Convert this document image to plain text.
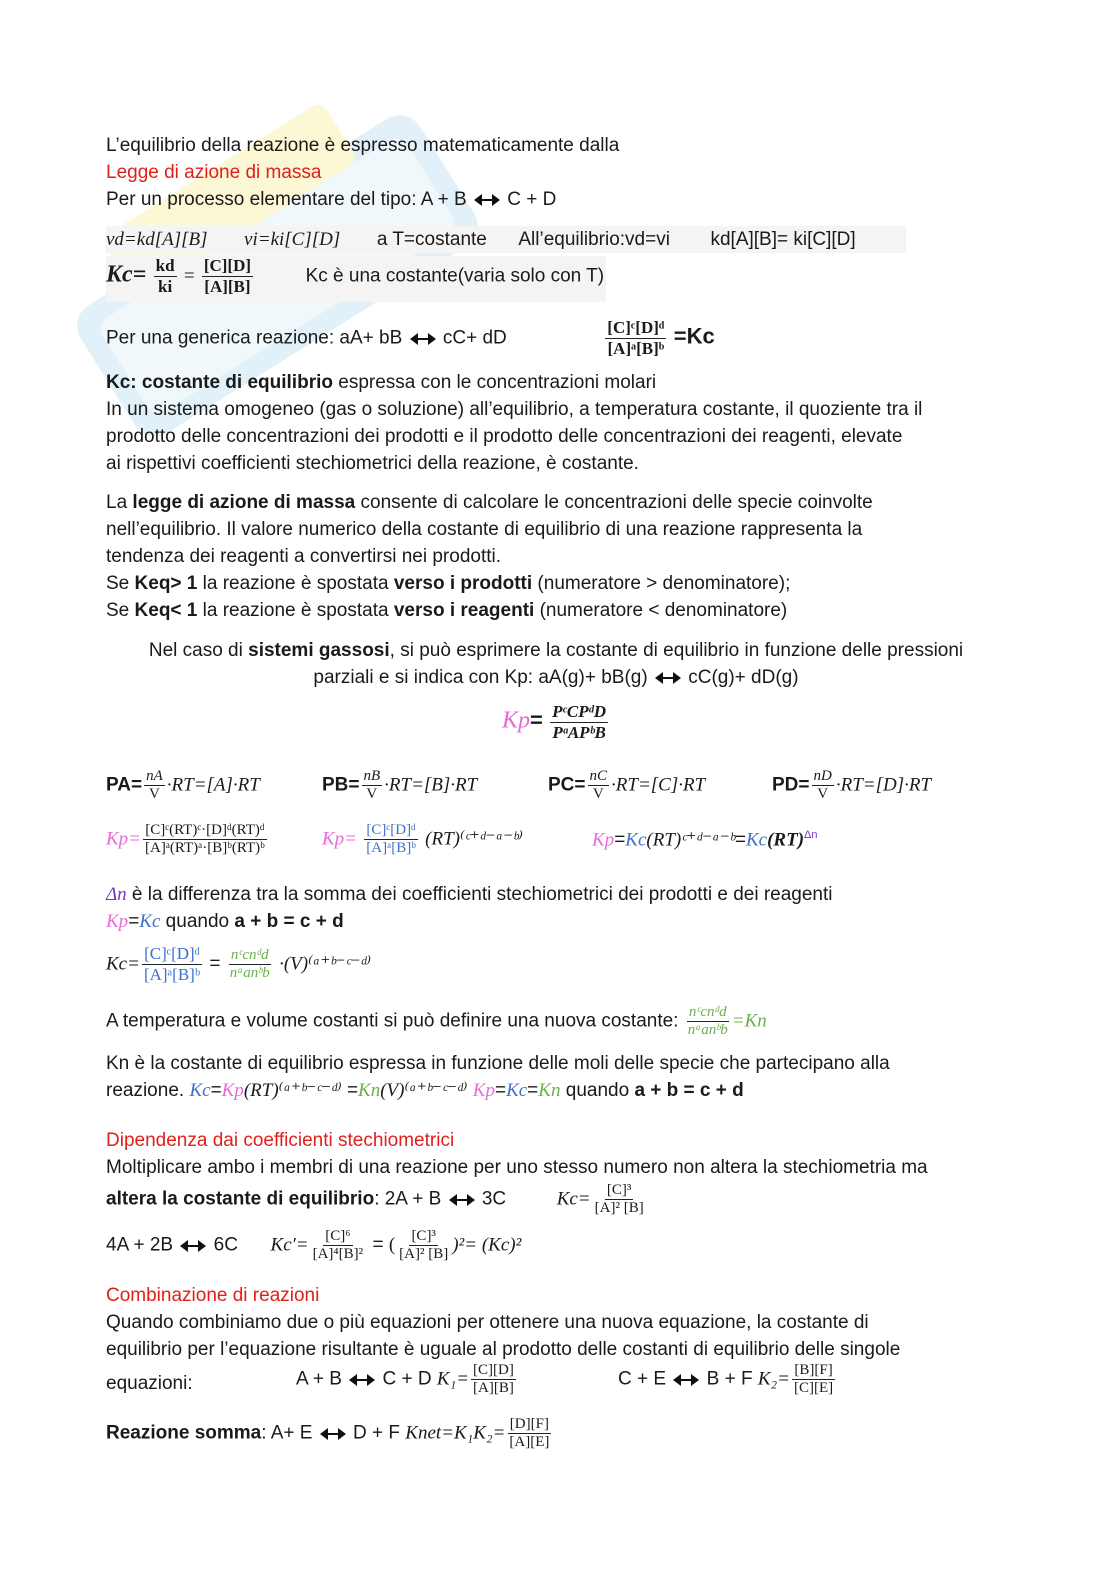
L’equilibrio della reazione è espresso matematicamente dalla
Legge di azione di massa
Per un processo elementare del tipo: A + B C + D
vd=kd[A][B] vi=ki[C][D] a T=costante All’equilibrio:vd=vi kd[A][B]= ki[C][D]
$Kc= \frac{kd}{ki} = \frac{[C][D]}{[A][B]}$	Kc è una costante(varia solo con T)
Per una generica reazione: aA+ bB cC+ dD	$\frac{\text{[C]ᶜ[D]ᵈ}}{\text{[A]ᵃ[B]ᵇ}} =Kc$
Kc: costante di equilibrio espressa con le concentrazioni molari
In un sistema omogeneo (gas o soluzione) all’equilibrio, a temperatura costante, il quoziente tra il
prodotto delle concentrazioni dei prodotti e il prodotto delle concentrazioni dei reagenti, elevate
ai rispettivi coefficienti stechiometrici della reazione, è costante.
La legge di azione di massa consente di calcolare le concentrazioni delle specie coinvolte
nell’equilibrio. Il valore numerico della costante di equilibrio di una reazione rappresenta la
tendenza dei reagenti a convertirsi nei prodotti.
Se Keq> 1 la reazione è spostata verso i prodotti (numeratore > denominatore);
Se Keq< 1 la reazione è spostata verso i reagenti (numeratore < denominatore)
Nel caso di sistemi gassosi, si può esprimere la costante di equilibrio in funzione delle pressioni
parziali e si indica con Kp: aA(g)+ bB(g) cC(g)+ dD(g)
$Kp= \frac{\text{PᶜCPᵈD}}{\text{PᵃAPᵇB}}$
$PA= \frac{nA}{V} \cdot RT=[A]\cdot RT$	$PB= \frac{nB}{V} \cdot RT=[B]\cdot RT$	$PC= \frac{nC}{V} \cdot RT=[C]\cdot RT$	$PD= \frac{nD}{V} \cdot RT=[D]\cdot RT$
$Kp= \frac{\text{[C]ᶜ(RT)ᶜ·[D]ᵈ(RT)ᵈ}}{\text{[A]ᵃ(RT)ᵃ·[B]ᵇ(RT)ᵇ}}$	$Kp= \frac{\text{[C]ᶜ[D]ᵈ}}{\text{[A]ᵃ[B]ᵇ}}$ (RT)⁽ᶜ⁺ᵈ⁻ᵃ⁻ᵇ⁾	Kp=Kc(RT)ᶜ⁺ᵈ⁻ᵃ⁻ᵇ=Kc(RT)$^{\Delta n}$
Δn è la differenza tra la somma dei coefficienti stechiometrici dei prodotti e dei reagenti
Kp=Kc quando a + b = c + d
$Kc= \frac{\text{[C]ᶜ[D]ᵈ}}{\text{[A]ᵃ[B]ᵇ}} = \frac{\text{nᶜcnᵈd}}{\text{nᵃanᵇb}}$ ·(V)⁽ᵃ⁺ᵇ⁻ᶜ⁻ᵈ⁾
A temperatura e volume costanti si può definire una nuova costante: $\frac{\text{nᶜcnᵈd}}{\text{nᵃanᵇb}} =Kn$
Kn è la costante di equilibrio espressa in funzione delle moli delle specie che partecipano alla
reazione. Kc=Kp(RT)⁽ᵃ⁺ᵇ⁻ᶜ⁻ᵈ⁾ =Kn(V)⁽ᵃ⁺ᵇ⁻ᶜ⁻ᵈ⁾ Kp=Kc=Kn quando a + b = c + d
Dipendenza dai coefficienti stechiometrici
Moltiplicare ambo i membri di una reazione per uno stesso numero non altera la stechiometria ma
altera la costante di equilibrio: 2A + B 3C	$Kc= \frac{\text{[C]³}}{\text{[A]² [B]}}$
4A + 2B 6C $Kc'= \frac{\text{[C]⁶}}{\text{[A]⁴[B]²}}$ = ( $\frac{\text{[C]³}}{\text{[A]² [B]}} )^2= (Kc)^2$
Combinazione di reazioni
Quando combiniamo due o più equazioni per ottenere una nuova equazione, la costante di
equilibrio per l’equazione risultante è uguale al prodotto delle costanti di equilibrio delle singole
equazioni:	A + B C + D $K_1= \frac{[C][D]}{[A][B]}$	C + E B + F $K_2= \frac{[B][F]}{[C][E]}$
Reazione somma: A+ E D + F Knet=K₁K₂= $\frac{[D][F]}{[A][E]}$
